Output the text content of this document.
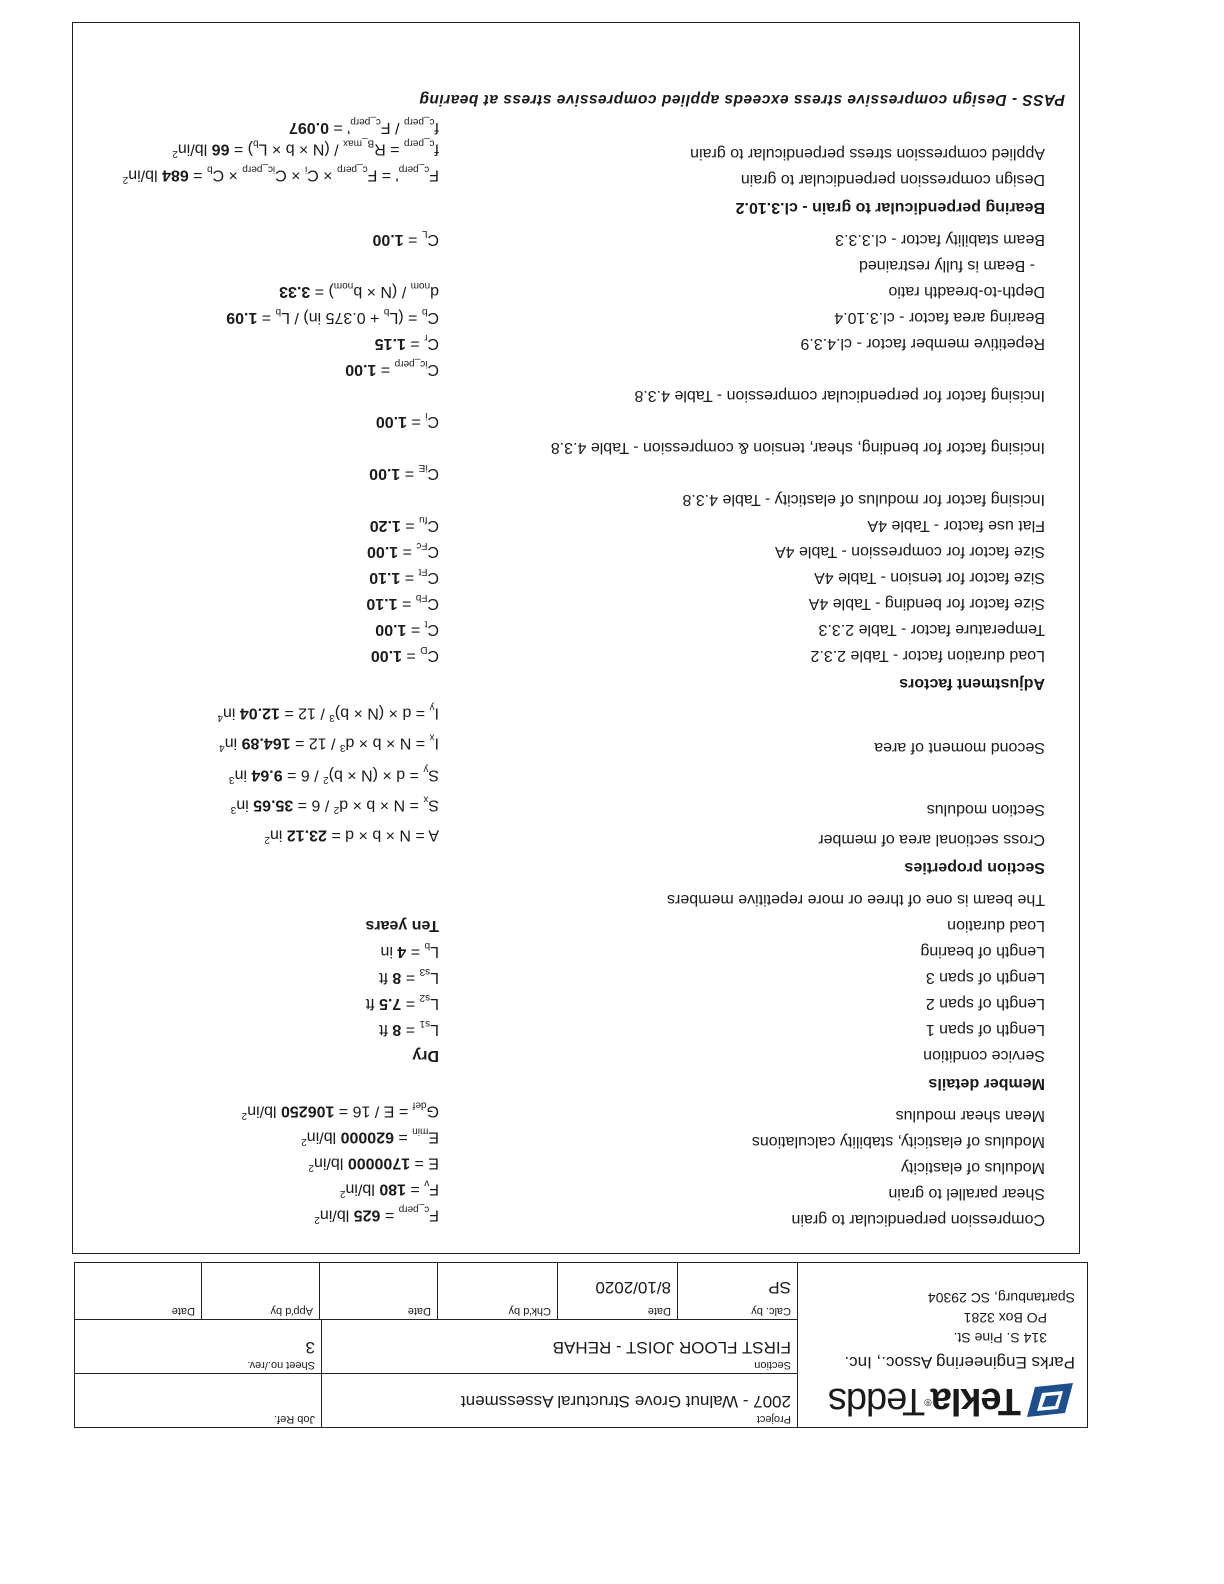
Tekla®Tedds
Parks Engineering Assoc., Inc.
314 S. Pine St.
PO Box 3281
Spartanburg, SC 29304
Project
2007 - Walnut Grove Structural Assessment
Job Ref.
Section
FIRST FLOOR JOIST - REHAB
Sheet no./rev.
3
Calc. by
SP
Date
8/10/2020
Chk'd by
Date
App'd by
Date
Compression perpendicular to grain
$F_{c\_perp} = 625$ $lb/in^2$
Shear parallel to grain
$F_v = 180$ $lb/in^2$
Modulus of elasticity
E = 1700000 $lb/in^2$
Modulus of elasticity, stability calculations
$E_{min} = 620000$ $lb/in^2$
Mean shear modulus
$G_{def} = E / 16 = 106250$ $lb/in^2$
Member details
Service condition
Dry
Length of span 1
$L_{s1} = 8$ ft
Length of span 2
$L_{s2} = 7.5$ ft
Length of span 3
$L_{s3} = 8$ ft
Length of bearing
$L_b = 4$ in
Load duration
Ten years
The beam is one of three or more repetitive members
Section properties
Cross sectional area of member
A = N × b × d = 23.12 $in^2$
Section modulus
$S_x = N \times b \times d^2 / 6 = 35.65$ $in^3$
$S_y = d \times (N \times b)^2 / 6 = 9.64$ $in^3$
Second moment of area
$I_x = N \times b \times d^3 / 12 = 164.89$ $in^4$
$I_y = d \times (N \times b)^3 / 12 = 12.04$ $in^4$
Adjustment factors
Load duration factor - Table 2.3.2
$C_D = 1.00$
Temperature factor - Table 2.3.3
$C_t = 1.00$
Size factor for bending - Table 4A
$C_{Fb} = 1.10$
Size factor for tension - Table 4A
$C_{Ft} = 1.10$
Size factor for compression - Table 4A
$C_{Fc} = 1.00$
Flat use factor - Table 4A
$C_{fu} = 1.20$
Incising factor for modulus of elasticity - Table 4.3.8
$C_{iE} = 1.00$
Incising factor for bending, shear, tension & compression - Table 4.3.8
$C_i = 1.00$
Incising factor for perpendicular compression - Table 4.3.8
$C_{ic\_perp} = 1.00$
Repetitive member factor - cl.4.3.9
$C_r = 1.15$
Bearing area factor - cl.3.10.4
$C_b = (L_b + 0.375$ $in) / L_b = 1.09$
Depth-to-breadth ratio
$d_{nom} / (N \times b_{nom}) = 3.33$
- Beam is fully restrained
Beam stability factor - cl.3.3.3
$C_L = 1.00$
Bearing perpendicular to grain - cl.3.10.2
Design compression perpendicular to grain
$F_{c\_perp}' = F_{c\_perp} \times C_i \times C_{ic\_perp} \times C_b = 684$ $lb/in^2$
Applied compression stress perpendicular to grain
$f_{c\_perp} = R_{B\_max} / (N \times b \times L_b) = 66$ $lb/in^2$
$f_{c\_perp} / F_{c\_perp}' = 0.097$
PASS - Design compressive stress exceeds applied compressive stress at bearing
